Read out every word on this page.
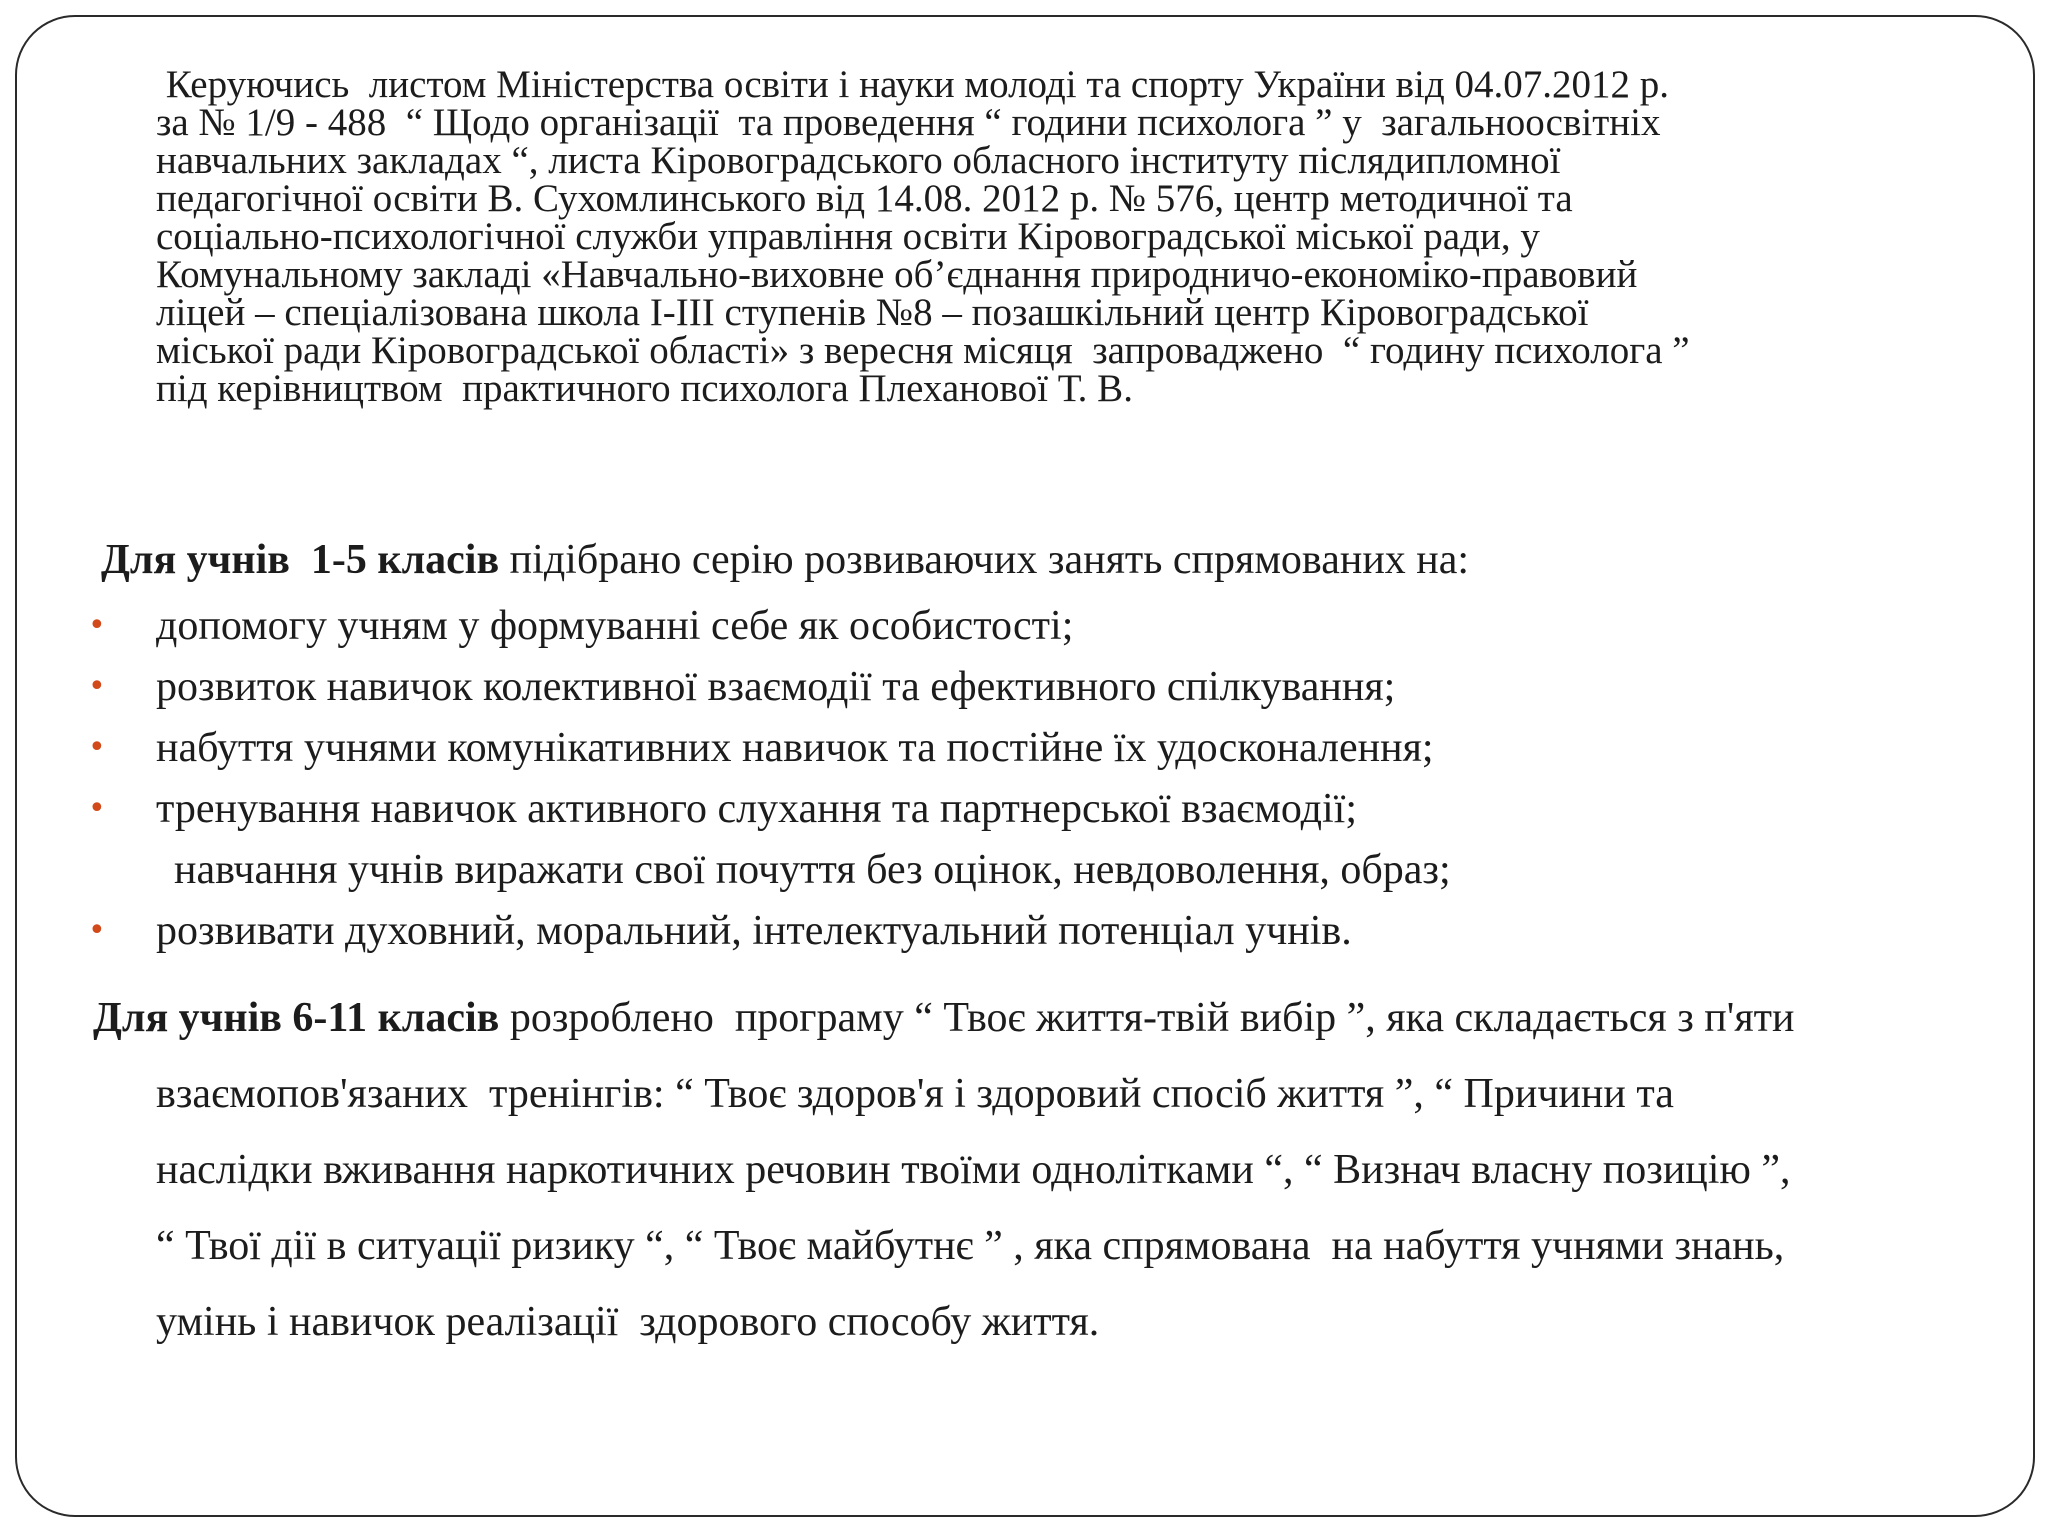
Керуючись  листом Міністерства освіти і науки молоді та спорту України від 04.07.2012 р.
за № 1/9 - 488  “ Щодо організації  та проведення “ години психолога ” у  загальноосвітніх
навчальних закладах “, листа Кіровоградського обласного інституту післядипломної
педагогічної освіти В. Сухомлинського від 14.08. 2012 р. № 576, центр методичної та
соціально-психологічної служби управління освіти Кіровоградської міської ради, у
Комунальному закладі «Навчально-виховне об’єднання природничо-економіко-правовий
ліцей – спеціалізована школа І-ІІІ ступенів №8 – позашкільний центр Кіровоградської
міської ради Кіровоградської області» з вересня місяця  запроваджено  “ годину психолога ”
під керівництвом  практичного психолога Плеханової Т. В.

Для учнів  1-5 класів підібрано серію розвиваючих занять спрямованих на:

•

допомогу учням у формуванні себе як особистості;

•

розвиток навичок колективної взаємодії та ефективного спілкування;

•

набуття учнями комунікативних навичок та постійне їх удосконалення;

•

тренування навичок активного слухання та партнерської взаємодії;

навчання учнів виражати свої почуття без оцінок, невдоволення, образ;

•

розвивати духовний, моральний, інтелектуальний потенціал учнів.

Для учнів 6-11 класів розроблено  програму “ Твоє життя-твій вибір ”, яка складається з п'яти
взаємопов'язаних  тренінгів: “ Твоє здоров'я і здоровий спосіб життя ”, “ Причини та
наслідки вживання наркотичних речовин твоїми однолітками “, “ Визнач власну позицію ”,
“ Твої дії в ситуації ризику “, “ Твоє майбутнє ” , яка спрямована  на набуття учнями знань,
умінь і навичок реалізації  здорового способу життя.
